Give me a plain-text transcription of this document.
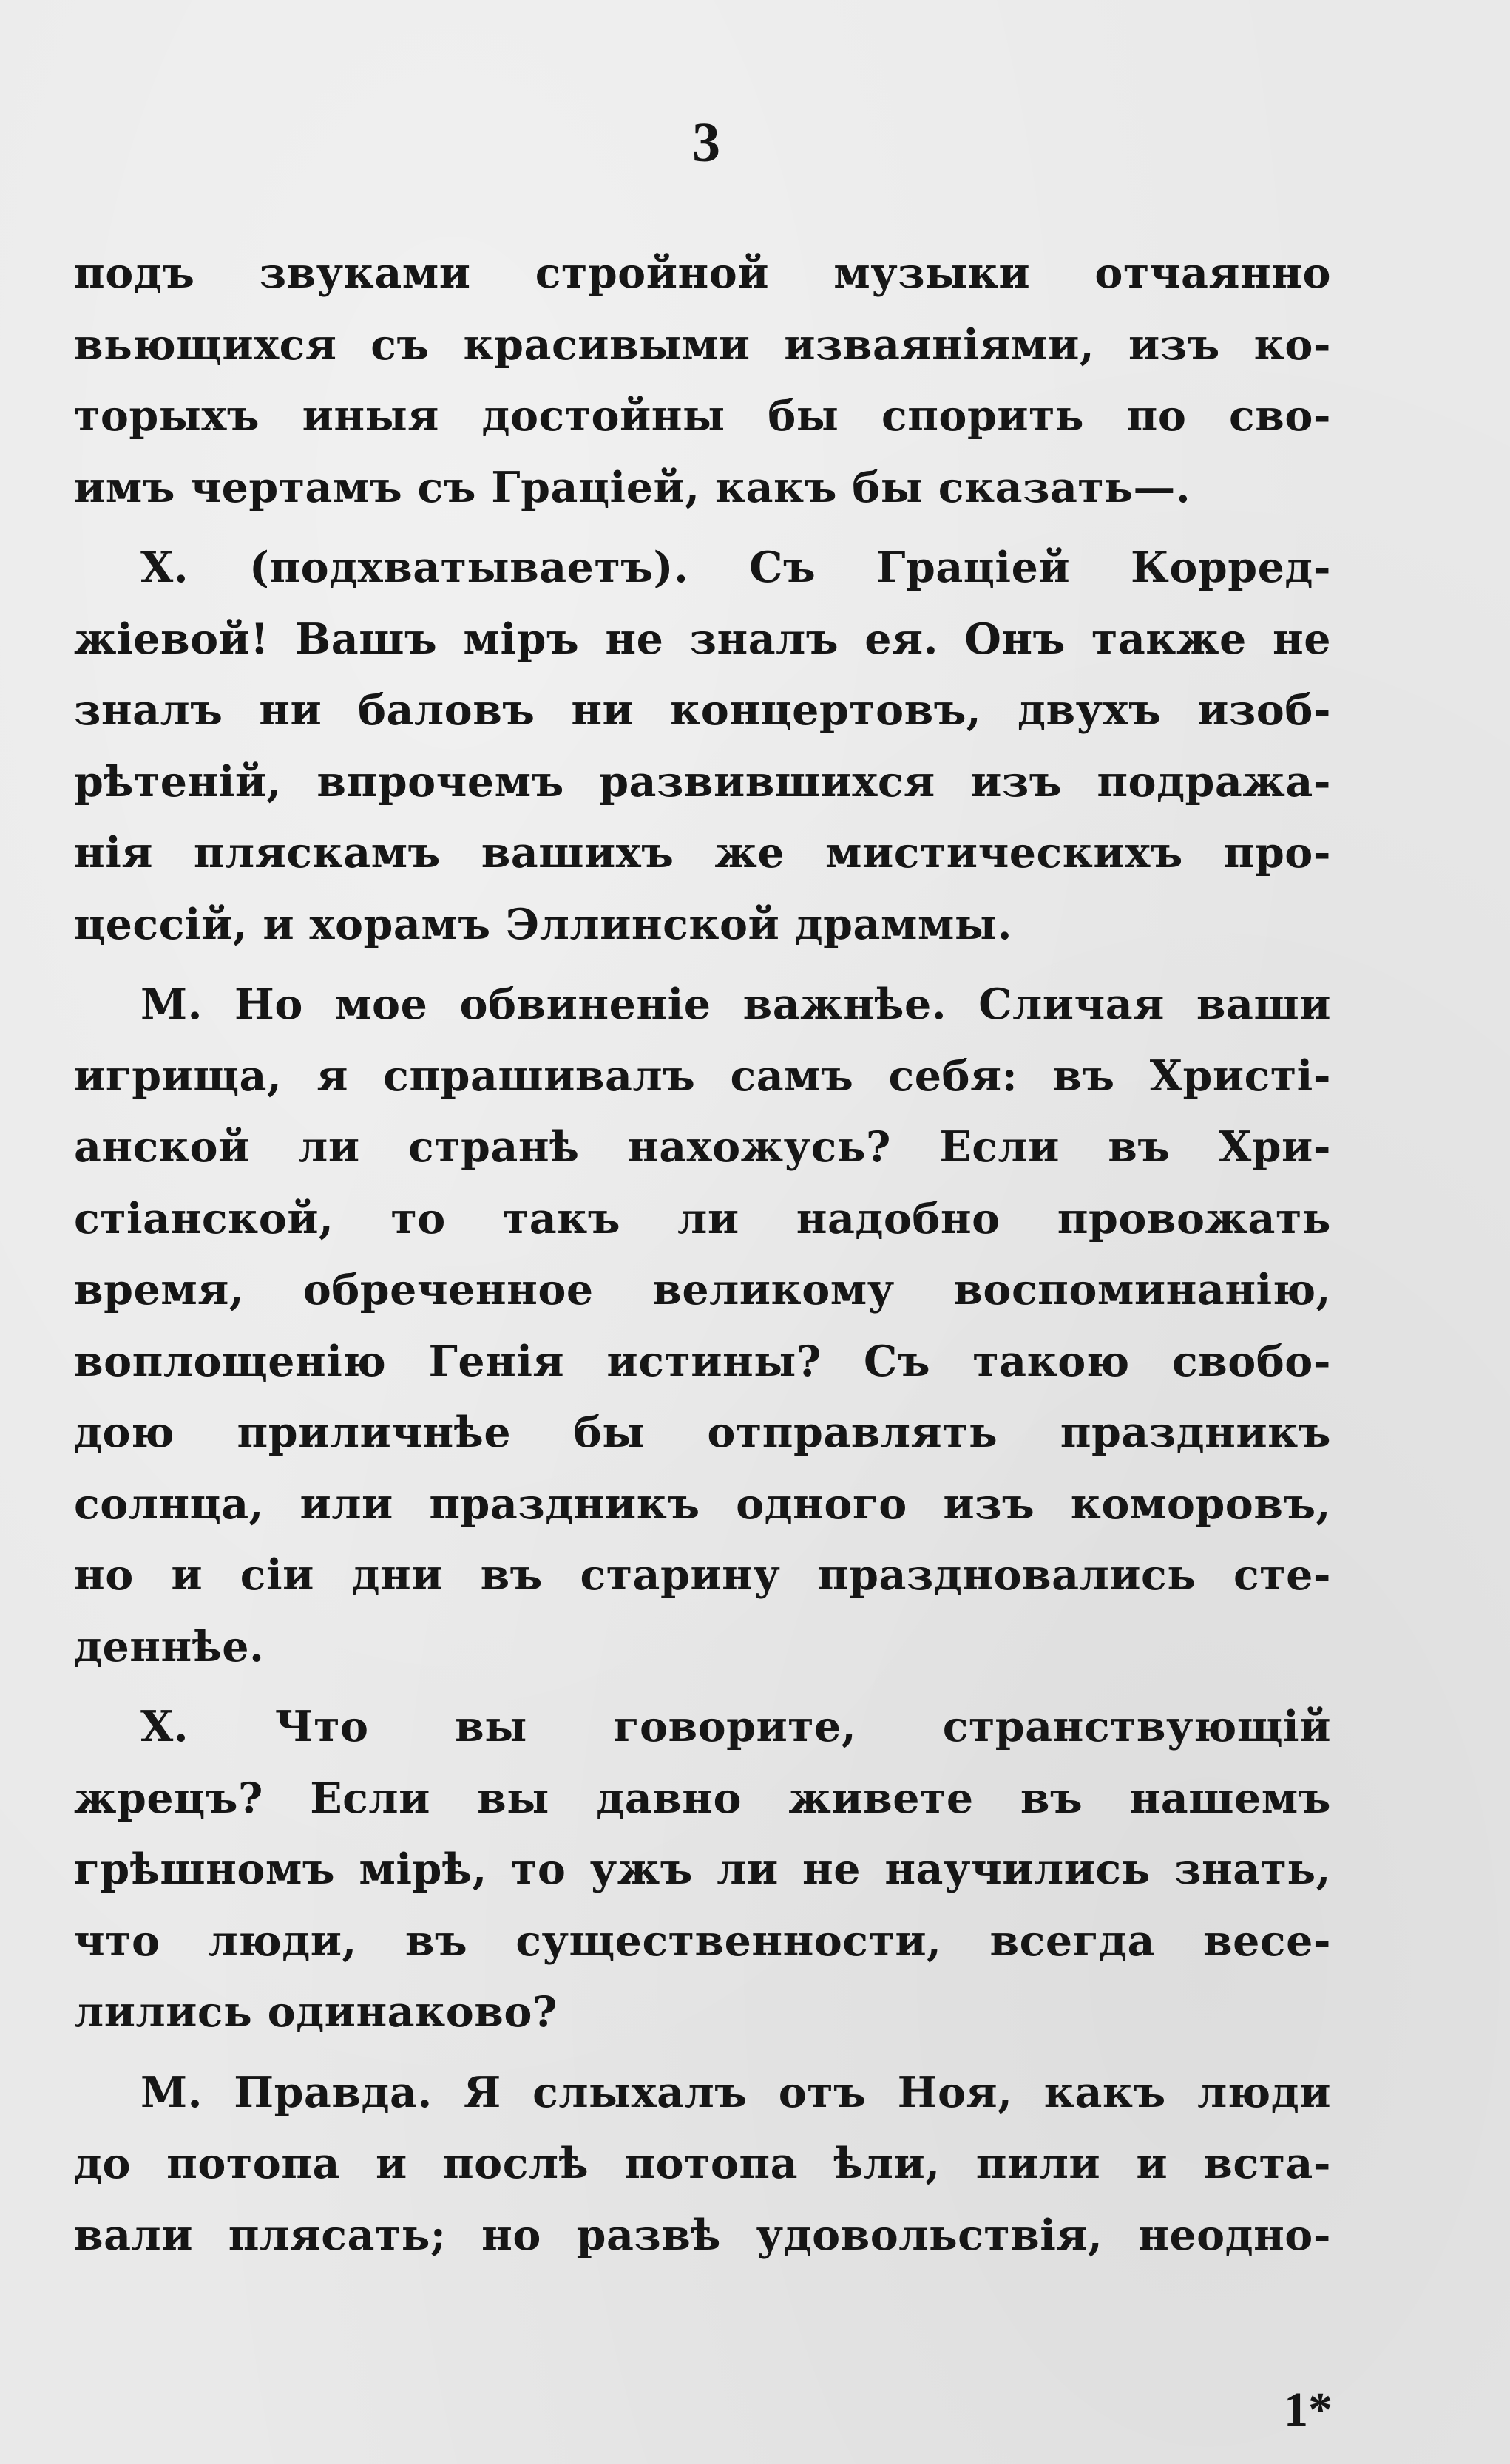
3
подъ звуками стройной музыки отчаянно
вьющихся съ красивыми изваяніями, изъ ко-
торыхъ иныя достойны бы спорить по сво-
имъ чертамъ съ Граціей, какъ бы сказать—.
Х. (подхватываетъ). Съ Граціей Корред-
жіевой! Вашъ міръ не зналъ ея. Онъ также не
зналъ ни баловъ ни концертовъ, двухъ изоб-
рѣтеній, впрочемъ развившихся изъ подража-
нія пляскамъ вашихъ же мистическихъ про-
цессій, и хорамъ Эллинской драммы.
М. Но мое обвиненіе важнѣе. Сличая ваши
игрища, я спрашивалъ самъ себя: въ Христі-
анской ли странѣ нахожусь? Если въ Хри-
стіанской, то такъ ли надобно провожать
время, обреченное великому воспоминанію,
воплощенію Генія истины? Съ такою свобо-
дою приличнѣе бы отправлять праздникъ
солнца, или праздникъ одного изъ коморовъ,
но и сіи дни въ старину праздновались сте-
деннѣе.
Х. Что вы говорите, странствующій
жрецъ? Если вы давно живете въ нашемъ
грѣшномъ мірѣ, то ужъ ли не научились знать,
что люди, въ существенности, всегда весе-
лились одинаково?
М. Правда. Я слыхалъ отъ Ноя, какъ люди
до потопа и послѣ потопа ѣли, пили и вста-
вали плясать; но развѣ удовольствія, неодно-
1*
